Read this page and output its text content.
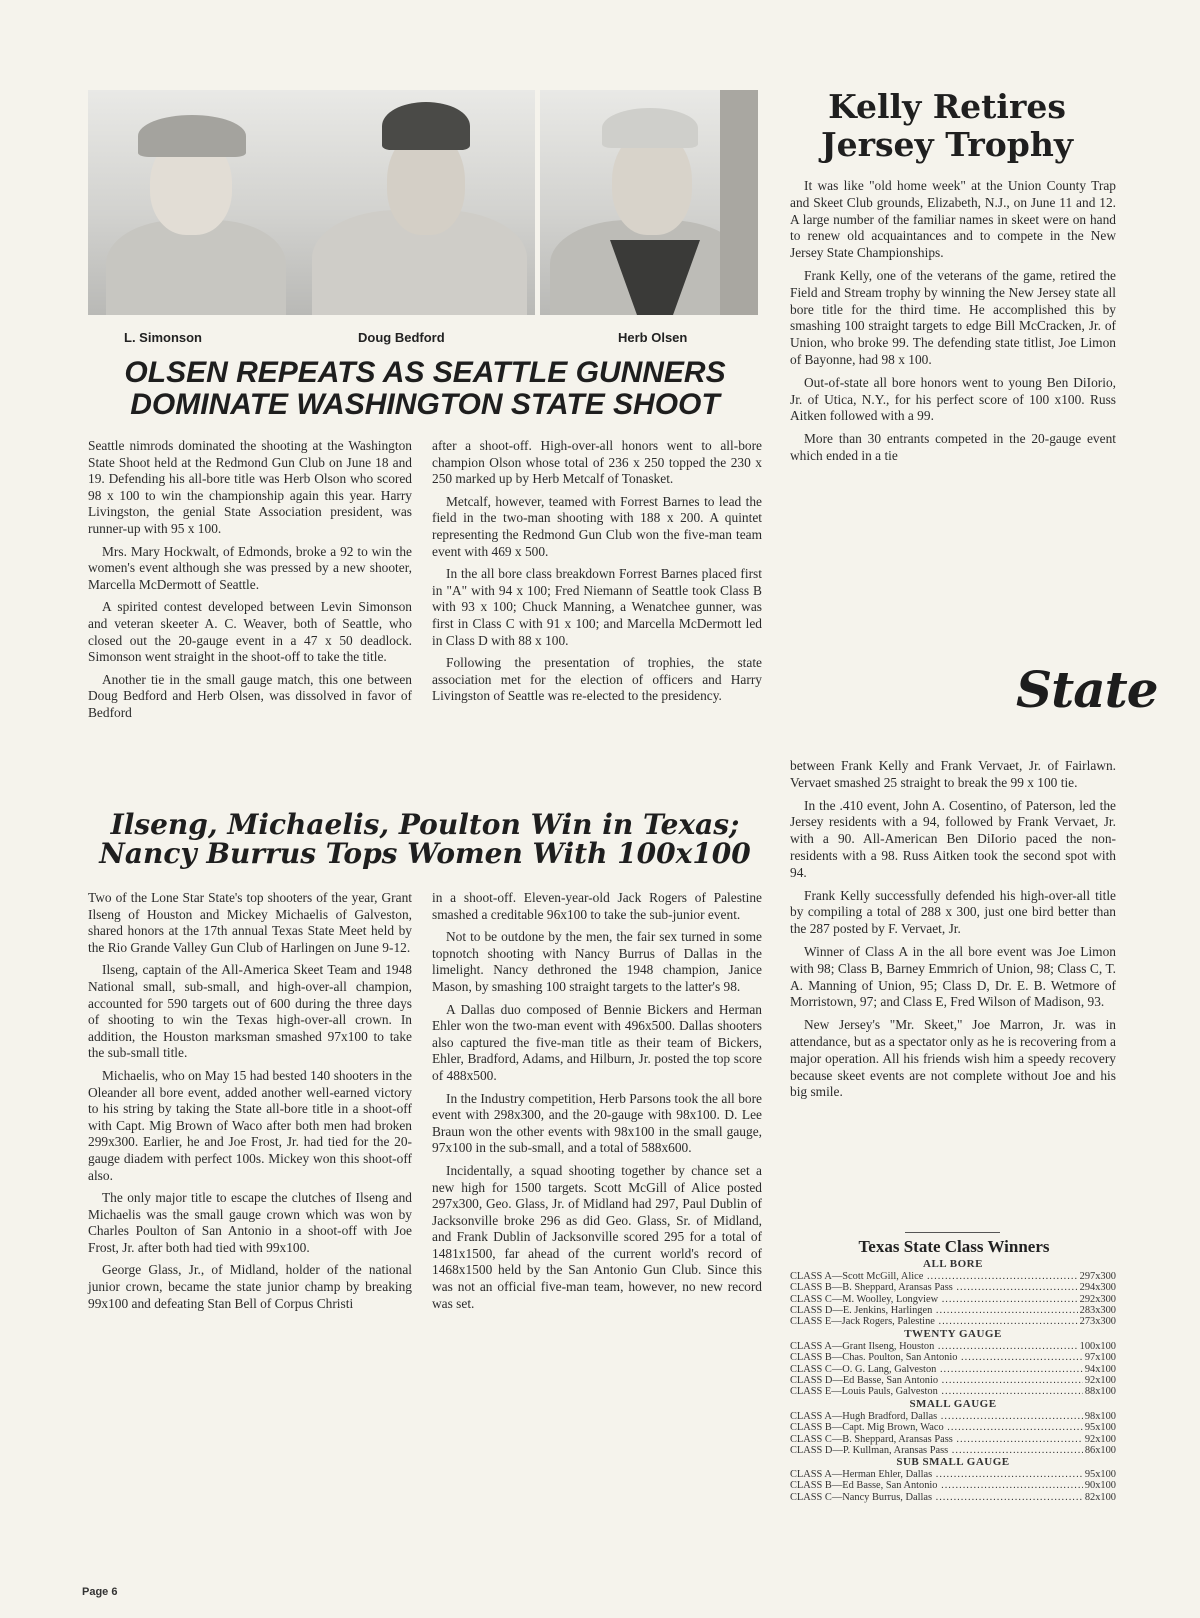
L. Simonson	Doug Bedford	Herb Olsen
OLSEN REPEATS AS SEATTLE GUNNERS
DOMINATE WASHINGTON STATE SHOOT

Seattle nimrods dominated the shooting at the Washington State Shoot held at the Redmond Gun Club on June 18 and 19. Defending his all-bore title was Herb Olson who scored 98 x 100 to win the championship again this year. Harry Livingston, the genial State Association president, was runner-up with 95 x 100.

Mrs. Mary Hockwalt, of Edmonds, broke a 92 to win the women's event although she was pressed by a new shooter, Marcella McDermott of Seattle.

A spirited contest developed between Levin Simonson and veteran skeeter A. C. Weaver, both of Seattle, who closed out the 20-gauge event in a 47 x 50 deadlock. Simonson went straight in the shoot-off to take the title.

Another tie in the small gauge match, this one between Doug Bedford and Herb Olsen, was dissolved in favor of Bedford

after a shoot-off. High-over-all honors went to all-bore champion Olson whose total of 236 x 250 topped the 230 x 250 marked up by Herb Metcalf of Tonasket.

Metcalf, however, teamed with Forrest Barnes to lead the field in the two-man shooting with 188 x 200. A quintet representing the Redmond Gun Club won the five-man team event with 469 x 500.

In the all bore class breakdown Forrest Barnes placed first in "A" with 94 x 100; Fred Niemann of Seattle took Class B with 93 x 100; Chuck Manning, a Wenatchee gunner, was first in Class C with 91 x 100; and Marcella McDermott led in Class D with 88 x 100.

Following the presentation of trophies, the state association met for the election of officers and Harry Livingston of Seattle was re-elected to the presidency.

Ilseng, Michaelis, Poulton Win in Texas;
Nancy Burrus Tops Women With 100x100

Two of the Lone Star State's top shooters of the year, Grant Ilseng of Houston and Mickey Michaelis of Galveston, shared honors at the 17th annual Texas State Meet held by the Rio Grande Valley Gun Club of Harlingen on June 9-12.

Ilseng, captain of the All-America Skeet Team and 1948 National small, sub-small, and high-over-all champion, accounted for 590 targets out of 600 during the three days of shooting to win the Texas high-over-all crown. In addition, the Houston marksman smashed 97x100 to take the sub-small title.

Michaelis, who on May 15 had bested 140 shooters in the Oleander all bore event, added another well-earned victory to his string by taking the State all-bore title in a shoot-off with Capt. Mig Brown of Waco after both men had broken 299x300. Earlier, he and Joe Frost, Jr. had tied for the 20-gauge diadem with perfect 100s. Mickey won this shoot-off also.

The only major title to escape the clutches of Ilseng and Michaelis was the small gauge crown which was won by Charles Poulton of San Antonio in a shoot-off with Joe Frost, Jr. after both had tied with 99x100.

George Glass, Jr., of Midland, holder of the national junior crown, became the state junior champ by breaking 99x100 and defeating Stan Bell of Corpus Christi

in a shoot-off. Eleven-year-old Jack Rogers of Palestine smashed a creditable 96x100 to take the sub-junior event.

Not to be outdone by the men, the fair sex turned in some topnotch shooting with Nancy Burrus of Dallas in the limelight. Nancy dethroned the 1948 champion, Janice Mason, by smashing 100 straight targets to the latter's 98.

A Dallas duo composed of Bennie Bickers and Herman Ehler won the two-man event with 496x500. Dallas shooters also captured the five-man title as their team of Bickers, Ehler, Bradford, Adams, and Hilburn, Jr. posted the top score of 488x500.

In the Industry competition, Herb Parsons took the all bore event with 298x300, and the 20-gauge with 98x100. D. Lee Braun won the other events with 98x100 in the small gauge, 97x100 in the sub-small, and a total of 588x600.

Incidentally, a squad shooting together by chance set a new high for 1500 targets. Scott McGill of Alice posted 297x300, Geo. Glass, Jr. of Midland had 297, Paul Dublin of Jacksonville broke 296 as did Geo. Glass, Sr. of Midland, and Frank Dublin of Jacksonville scored 295 for a total of 1481x1500, far ahead of the current world's record of 1468x1500 held by the San Antonio Gun Club. Since this was not an official five-man team, however, no new record was set.

Kelly Retires
Jersey Trophy

It was like "old home week" at the Union County Trap and Skeet Club grounds, Elizabeth, N.J., on June 11 and 12. A large number of the familiar names in skeet were on hand to renew old acquaintances and to compete in the New Jersey State Championships.

Frank Kelly, one of the veterans of the game, retired the Field and Stream trophy by winning the New Jersey state all bore title for the third time. He accomplished this by smashing 100 straight targets to edge Bill McCracken, Jr. of Union, who broke 99. The defending state titlist, Joe Limon of Bayonne, had 98 x 100.

Out-of-state all bore honors went to young Ben DiIorio, Jr. of Utica, N.Y., for his perfect score of 100 x100. Russ Aitken followed with a 99.

More than 30 entrants competed in the 20-gauge event which ended in a tie

State

between Frank Kelly and Frank Vervaet, Jr. of Fairlawn. Vervaet smashed 25 straight to break the 99 x 100 tie.

In the .410 event, John A. Cosentino, of Paterson, led the Jersey residents with a 94, followed by Frank Vervaet, Jr. with a 90. All-American Ben DiIorio paced the non-residents with a 98. Russ Aitken took the second spot with 94.

Frank Kelly successfully defended his high-over-all title by compiling a total of 288 x 300, just one bird better than the 287 posted by F. Vervaet, Jr.

Winner of Class A in the all bore event was Joe Limon with 98; Class B, Barney Emmrich of Union, 98; Class C, T. A. Manning of Union, 95; Class D, Dr. E. B. Wetmore of Morristown, 97; and Class E, Fred Wilson of Madison, 93.

New Jersey's "Mr. Skeet," Joe Marron, Jr. was in attendance, but as a spectator only as he is recovering from a major operation. All his friends wish him a speedy recovery because skeet events are not complete without Joe and his big smile.

Texas State Class Winners
ALL BORE
CLASS A—Scott McGill, Alice .....	297x300
CLASS B—B. Sheppard, Aransas Pass .....	294x300
CLASS C—M. Woolley, Longview .....	292x300
CLASS D—E. Jenkins, Harlingen .....	283x300
CLASS E—Jack Rogers, Palestine .....	273x300
TWENTY GAUGE
CLASS A—Grant Ilseng, Houston .....	100x100
CLASS B—Chas. Poulton, San Antonio .....	97x100
CLASS C—O. G. Lang, Galveston .....	94x100
CLASS D—Ed Basse, San Antonio .....	92x100
CLASS E—Louis Pauls, Galveston .....	88x100
SMALL GAUGE
CLASS A—Hugh Bradford, Dallas .....	98x100
CLASS B—Capt. Mig Brown, Waco .....	95x100
CLASS C—B. Sheppard, Aransas Pass .....	92x100
CLASS D—P. Kullman, Aransas Pass .....	86x100
SUB SMALL GAUGE
CLASS A—Herman Ehler, Dallas .....	95x100
CLASS B—Ed Basse, San Antonio .....	90x100
CLASS C—Nancy Burrus, Dallas .....	82x100
Page 6
